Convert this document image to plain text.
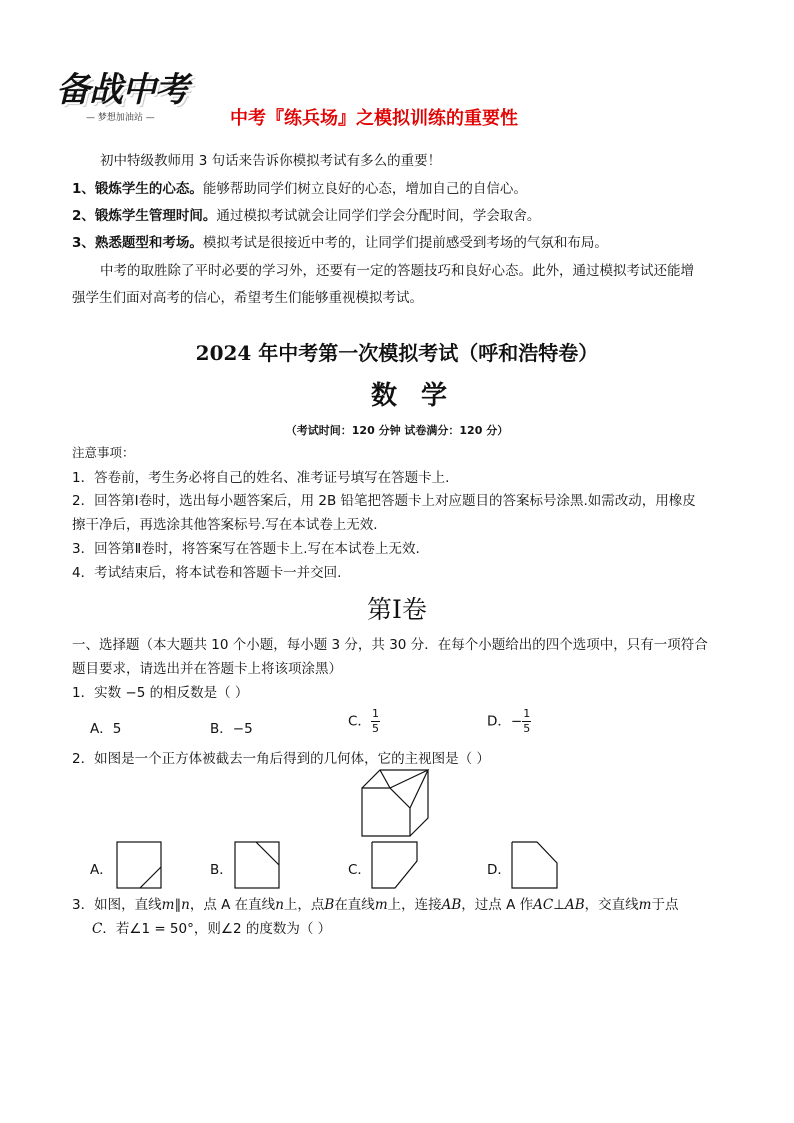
备战中考
— 梦想加油站 —	中考『练兵场』之模拟训练的重要性
初中特级教师用 3 句话来告诉你模拟考试有多么的重要！
1、锻炼学生的心态。能够帮助同学们树立良好的心态，增加自己的自信心。
2、锻炼学生管理时间。通过模拟考试就会让同学们学会分配时间，学会取舍。
3、熟悉题型和考场。模拟考试是很接近中考的，让同学们提前感受到考场的气氛和布局。
中考的取胜除了平时必要的学习外，还要有一定的答题技巧和良好心态。此外，通过模拟考试还能增
强学生们面对高考的信心，希望考生们能够重视模拟考试。
2024 年中考第一次模拟考试（呼和浩特卷）
数学
（考试时间：120 分钟 试卷满分：120 分）
注意事项：
1．答卷前，考生务必将自己的姓名、准考证号填写在答题卡上.
2．回答第Ⅰ卷时，选出每小题答案后，用 2B 铅笔把答题卡上对应题目的答案标号涂黑.如需改动，用橡皮
擦干净后，再选涂其他答案标号.写在本试卷上无效.
3．回答第Ⅱ卷时，将答案写在答题卡上.写在本试卷上无效.
4．考试结束后，将本试卷和答题卡一并交回.
第Ⅰ卷
一、选择题（本大题共 10 个小题，每小题 3 分，共 30 分．在每个小题给出的四个选项中，只有一项符合
题目要求，请选出并在答题卡上将该项涂黑）
1．实数 −5 的相反数是（ ）
A．5	B．−5	C． $\frac{1}{5}$	D．− $\frac{1}{5}$
2．如图是一个正方体被截去一角后得到的几何体，它的主视图是（ ）
A．	B．	C．	D．
3．如图，直线m∥n，点 A 在直线n上，点B在直线m上，连接AB，过点 A 作AC⊥AB，交直线m于点
C．若∠1 = 50°，则∠2 的度数为（ ）
